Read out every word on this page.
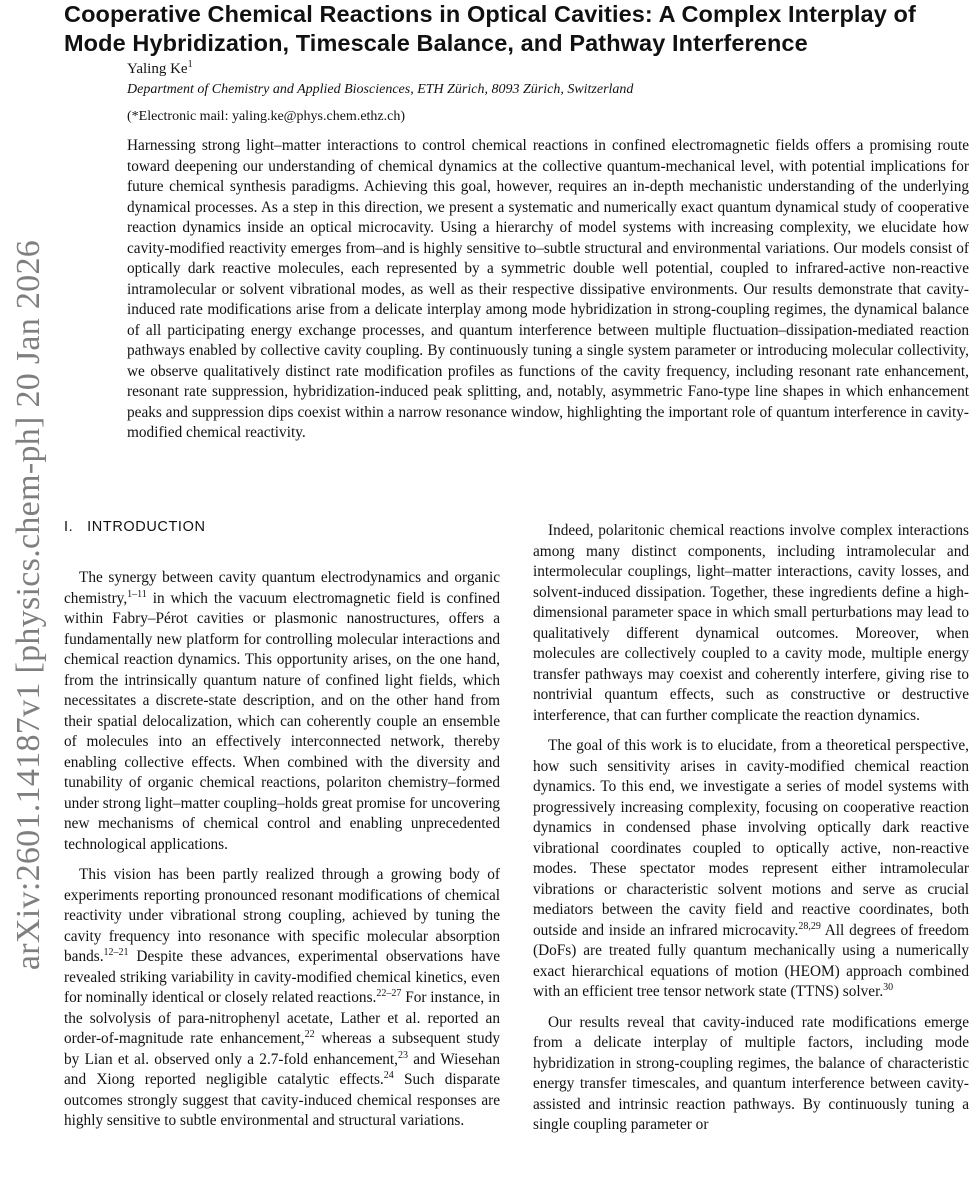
arXiv:2601.14187v1 [physics.chem-ph] 20 Jan 2026
Cooperative Chemical Reactions in Optical Cavities: A Complex Interplay of Mode Hybridization, Timescale Balance, and Pathway Interference

Yaling Ke$^1$

Department of Chemistry and Applied Biosciences, ETH Zürich, 8093 Zürich, Switzerland

(*Electronic mail: yaling.ke@phys.chem.ethz.ch)

Harnessing strong light–matter interactions to control chemical reactions in confined electromagnetic fields offers a promising route toward deepening our understanding of chemical dynamics at the collective quantum-mechanical level, with potential implications for future chemical synthesis paradigms. Achieving this goal, however, requires an in-depth mechanistic understanding of the underlying dynamical processes. As a step in this direction, we present a systematic and numerically exact quantum dynamical study of cooperative reaction dynamics inside an optical microcavity. Using a hierarchy of model systems with increasing complexity, we elucidate how cavity-modified reactivity emerges from–and is highly sensitive to–subtle structural and environmental variations. Our models consist of optically dark reactive molecules, each represented by a symmetric double well potential, coupled to infrared-active non-reactive intramolecular or solvent vibrational modes, as well as their respective dissipative environments. Our results demonstrate that cavity-induced rate modifications arise from a delicate interplay among mode hybridization in strong-coupling regimes, the dynamical balance of all participating energy exchange processes, and quantum interference between multiple fluctuation–dissipation-mediated reaction pathways enabled by collective cavity coupling. By continuously tuning a single system parameter or introducing molecular collectivity, we observe qualitatively distinct rate modification profiles as functions of the cavity frequency, including resonant rate enhancement, resonant rate suppression, hybridization-induced peak splitting, and, notably, asymmetric Fano-type line shapes in which enhancement peaks and suppression dips coexist within a narrow resonance window, highlighting the important role of quantum interference in cavity-modified chemical reactivity.

I. INTRODUCTION

The synergy between cavity quantum electrodynamics and organic chemistry,$^{1-11}$ in which the vacuum electromagnetic field is confined within Fabry–Pérot cavities or plasmonic nanostructures, offers a fundamentally new platform for controlling molecular interactions and chemical reaction dynamics. This opportunity arises, on the one hand, from the intrinsically quantum nature of confined light fields, which necessitates a discrete-state description, and on the other hand from their spatial delocalization, which can coherently couple an ensemble of molecules into an effectively interconnected network, thereby enabling collective effects. When combined with the diversity and tunability of organic chemical reactions, polariton chemistry–formed under strong light–matter coupling–holds great promise for uncovering new mechanisms of chemical control and enabling unprecedented technological applications.

This vision has been partly realized through a growing body of experiments reporting pronounced resonant modifications of chemical reactivity under vibrational strong coupling, achieved by tuning the cavity frequency into resonance with specific molecular absorption bands.$^{12-21}$ Despite these advances, experimental observations have revealed striking variability in cavity-modified chemical kinetics, even for nominally identical or closely related reactions.$^{22-27}$ For instance, in the solvolysis of para-nitrophenyl acetate, Lather et al. reported an order-of-magnitude rate enhancement,$^{22}$ whereas a subsequent study by Lian et al. observed only a 2.7-fold enhancement,$^{23}$ and Wiesehan and Xiong reported negligible catalytic effects.$^{24}$ Such disparate outcomes strongly suggest that cavity-induced chemical responses are highly sensitive to subtle environmental and structural variations.

Indeed, polaritonic chemical reactions involve complex interactions among many distinct components, including intramolecular and intermolecular couplings, light–matter interactions, cavity losses, and solvent-induced dissipation. Together, these ingredients define a high-dimensional parameter space in which small perturbations may lead to qualitatively different dynamical outcomes. Moreover, when molecules are collectively coupled to a cavity mode, multiple energy transfer pathways may coexist and coherently interfere, giving rise to nontrivial quantum effects, such as constructive or destructive interference, that can further complicate the reaction dynamics.

The goal of this work is to elucidate, from a theoretical perspective, how such sensitivity arises in cavity-modified chemical reaction dynamics. To this end, we investigate a series of model systems with progressively increasing complexity, focusing on cooperative reaction dynamics in condensed phase involving optically dark reactive vibrational coordinates coupled to optically active, non-reactive modes. These spectator modes represent either intramolecular vibrations or characteristic solvent motions and serve as crucial mediators between the cavity field and reactive coordinates, both outside and inside an infrared microcavity.$^{28,29}$ All degrees of freedom (DoFs) are treated fully quantum mechanically using a numerically exact hierarchical equations of motion (HEOM) approach combined with an efficient tree tensor network state (TTNS) solver.$^{30}$

Our results reveal that cavity-induced rate modifications emerge from a delicate interplay of multiple factors, including mode hybridization in strong-coupling regimes, the balance of characteristic energy transfer timescales, and quantum interference between cavity-assisted and intrinsic reaction pathways. By continuously tuning a single coupling parameter or
